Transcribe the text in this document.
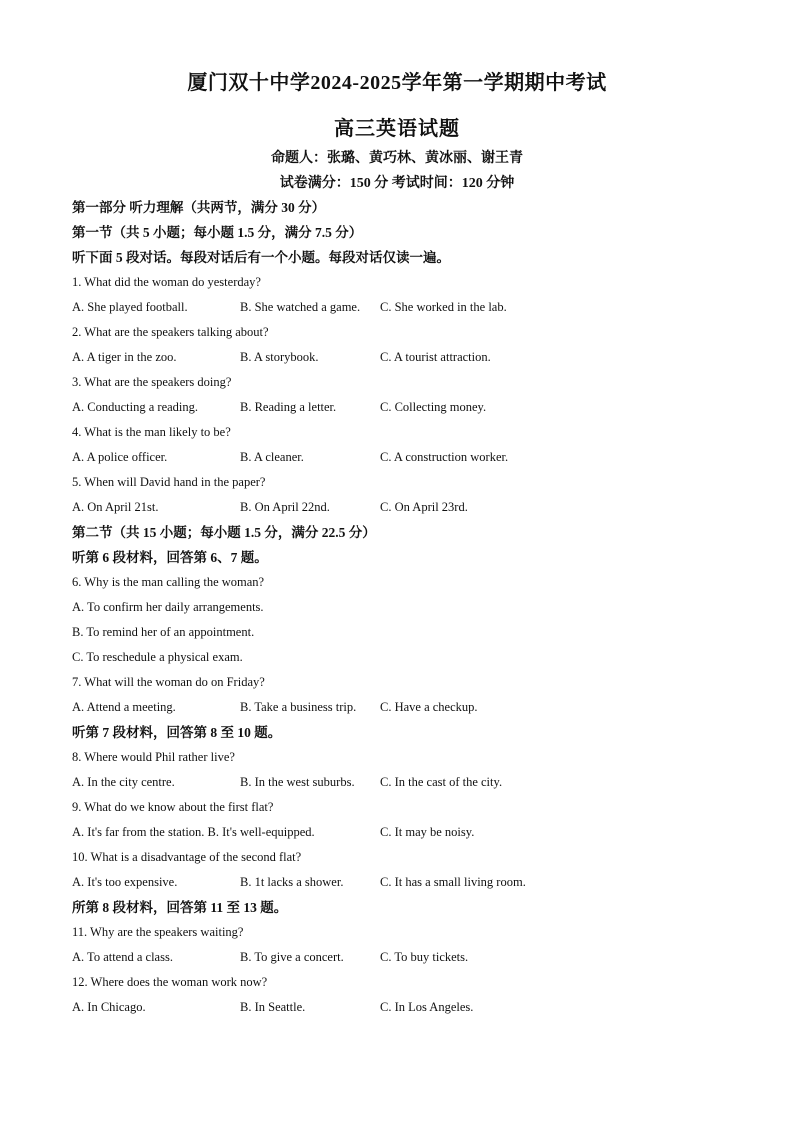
厦门双十中学2024-2025学年第一学期期中考试
高三英语试题
命题人：张璐、黄巧林、黄冰丽、谢王青
试卷满分：150 分 考试时间：120 分钟
第一部分 听力理解（共两节，满分 30 分）
第一节（共 5 小题；每小题 1.5 分，满分 7.5 分）
听下面 5 段对话。每段对话后有一个小题。每段对话仅读一遍。
1. What did the woman do yesterday?
A. She played football.	B. She watched a game. C. She worked in the lab.
2. What are the speakers talking about?
A. A tiger in the zoo.	B. A storybook.	C. A tourist attraction.
3. What are the speakers doing?
A. Conducting a reading.	B. Reading a letter.	C. Collecting money.
4. What is the man likely to be?
A. A police officer.	B. A cleaner.	C. A construction worker.
5. When will David hand in the paper?
A. On April 21st.	B. On April 22nd.	C. On April 23rd.
第二节（共 15 小题；每小题 1.5 分，满分 22.5 分）
听第 6 段材料，回答第 6、7 题。
6. Why is the man calling the woman?
A. To confirm her daily arrangements.
B. To remind her of an appointment.
C. To reschedule a physical exam.
7. What will the woman do on Friday?
A. Attend a meeting.	B. Take a business trip. C. Have a checkup.
听第 7 段材料，回答第 8 至 10 题。
8. Where would Phil rather live?
A. In the city centre.	B. In the west suburbs. C. In the cast of the city.
9. What do we know about the first flat?
A. It's far from the station. B. It's well-equipped.	C. It may be noisy.
10. What is a disadvantage of the second flat?
A. It's too expensive.	B. 1t lacks a shower.	C. It has a small living room.
所第 8 段材料，回答第 11 至 13 题。
11. Why are the speakers waiting?
A. To attend a class.	B. To give a concert.	C. To buy tickets.
12. Where does the woman work now?
A. In Chicago.	B. In Seattle.	C. In Los Angeles.
